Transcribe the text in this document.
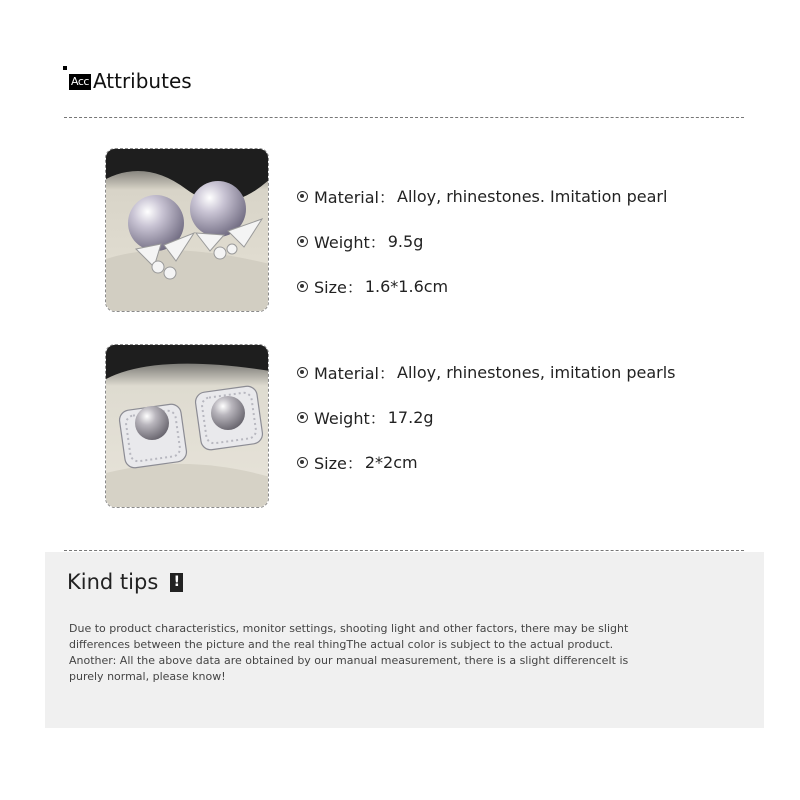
Acc Attributes
Material： Alloy, rhinestones. Imitation pearl
Weight： 9.5g
Size： 1.6*1.6cm
Material： Alloy, rhinestones, imitation pearls
Weight： 17.2g
Size： 2*2cm
Kind tips !
Due to product characteristics, monitor settings, shooting light and other factors, there may be slight differences between the picture and the real thingThe actual color is subject to the actual product. Another: All the above data are obtained by our manual measurement, there is a slight differenceIt is purely normal, please know!
